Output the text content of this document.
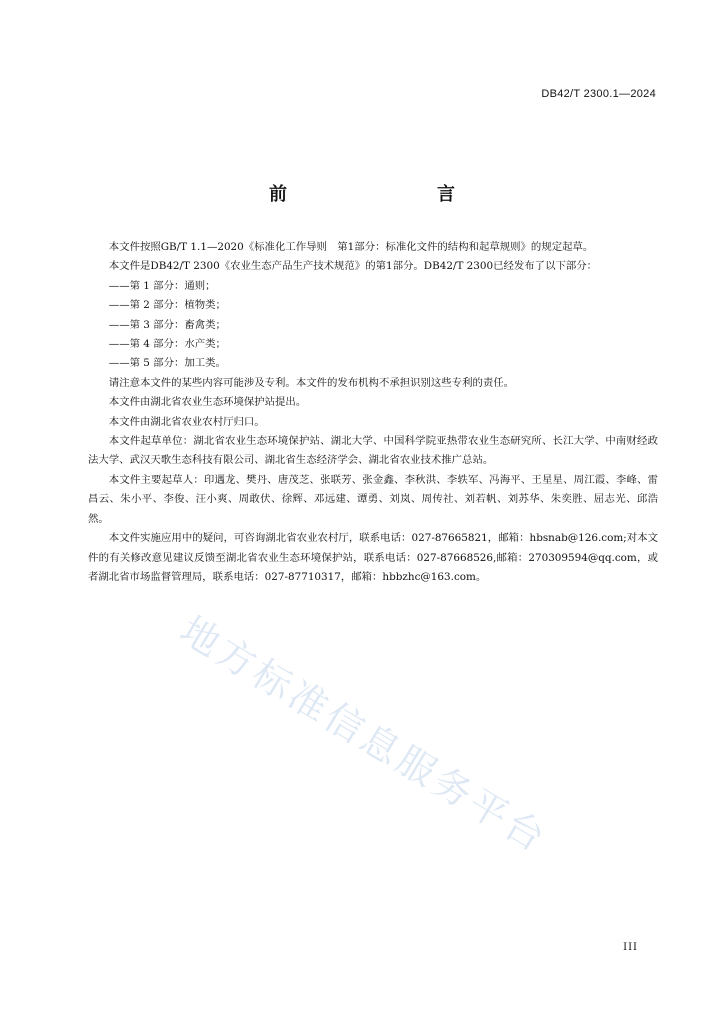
DB42/T 2300.1—2024
前　　言

本文件按照GB/T 1.1—2020《标准化工作导则　第1部分：标准化文件的结构和起草规则》的规定起草。

本文件是DB42/T 2300《农业生态产品生产技术规范》的第1部分。DB42/T 2300已经发布了以下部分：

——第 1 部分：通则；

——第 2 部分：植物类；

——第 3 部分：畜禽类；

——第 4 部分：水产类；

——第 5 部分：加工类。

请注意本文件的某些内容可能涉及专利。本文件的发布机构不承担识别这些专利的责任。

本文件由湖北省农业生态环境保护站提出。

本文件由湖北省农业农村厅归口。

本文件起草单位：湖北省农业生态环境保护站、湖北大学、中国科学院亚热带农业生态研究所、长江大学、中南财经政法大学、武汉天歌生态科技有限公司、湖北省生态经济学会、湖北省农业技术推广总站。

本文件主要起草人：印遇龙、樊丹、唐茂芝、张联芳、张金鑫、李秋洪、李轶军、冯海平、王星星、周江霞、李峰、雷昌云、朱小平、李俊、汪小爽、周敢伏、徐辉、邓远建、谭勇、刘岚、周传社、刘若帆、刘苏华、朱奕胜、屈志光、邱浩然。

本文件实施应用中的疑问，可咨询湖北省农业农村厅，联系电话：027-87665821，邮箱：hbsnab@126.com;对本文件的有关修改意见建议反馈至湖北省农业生态环境保护站，联系电话：027-87668526,邮箱：270309594@qq.com，或者湖北省市场监督管理局，联系电话：027-87710317，邮箱：hbbzhc@163.com。

地方标准信息服务平台
III
